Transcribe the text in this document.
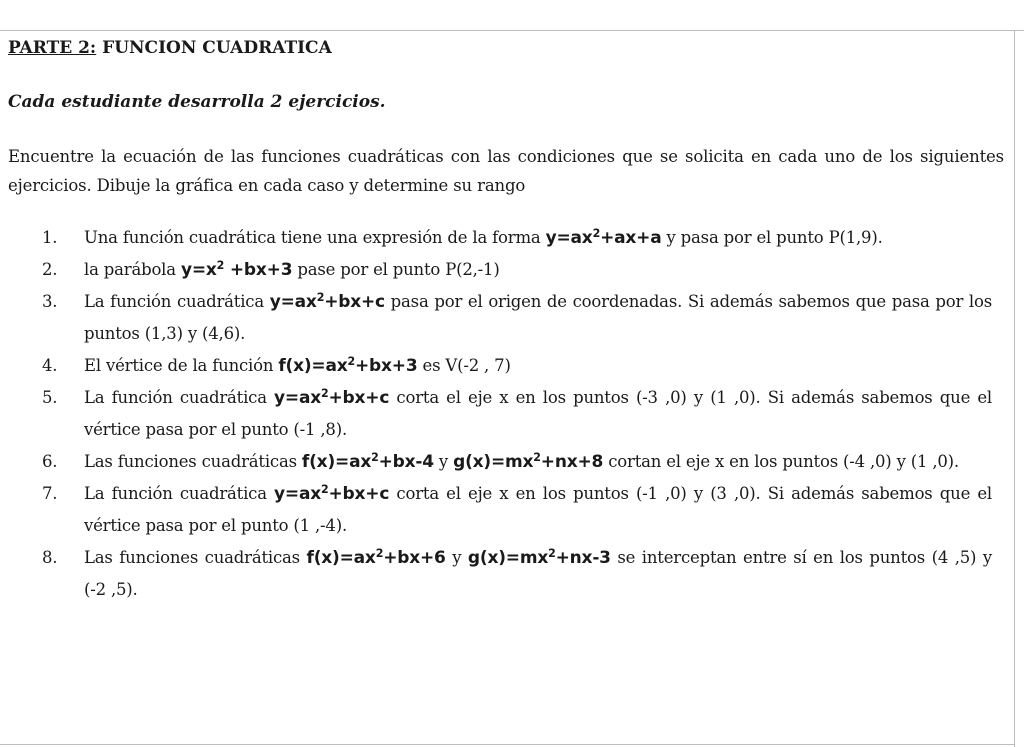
PARTE 2: FUNCION CUADRATICA

Cada estudiante desarrolla 2 ejercicios.

Encuentre la ecuación de las funciones cuadráticas con las condiciones que se solicita en cada uno de los siguientes ejercicios. Dibuje la gráfica en cada caso y determine su rango

1. Una función cuadrática tiene una expresión de la forma $y=ax^2+ax+a$ y pasa por el punto P(1,9).
2. la parábola $y=x^2 +bx+3$ pase por el punto P(2,-1)
3. La función cuadrática $y=ax^2+bx+c$ pasa por el origen de coordenadas. Si además sabemos que pasa por los puntos (1,3) y (4,6).
4. El vértice de la función $f(x)=ax^2+bx+3$ es V(-2 , 7)
5. La función cuadrática $y=ax^2+bx+c$ corta el eje x en los puntos (-3 ,0) y (1 ,0). Si además sabemos que el vértice pasa por el punto (-1 ,8).
6. Las funciones cuadráticas $f(x)=ax^2+bx-4$ y $g(x)=mx^2+nx+8$ cortan el eje x en los puntos (-4 ,0) y (1 ,0).
7. La función cuadrática $y=ax^2+bx+c$ corta el eje x en los puntos (-1 ,0) y (3 ,0). Si además sabemos que el vértice pasa por el punto (1 ,-4).
8. Las funciones cuadráticas $f(x)=ax^2+bx+6$ y $g(x)=mx^2+nx-3$ se interceptan entre sí en los puntos (4 ,5) y (-2 ,5).
